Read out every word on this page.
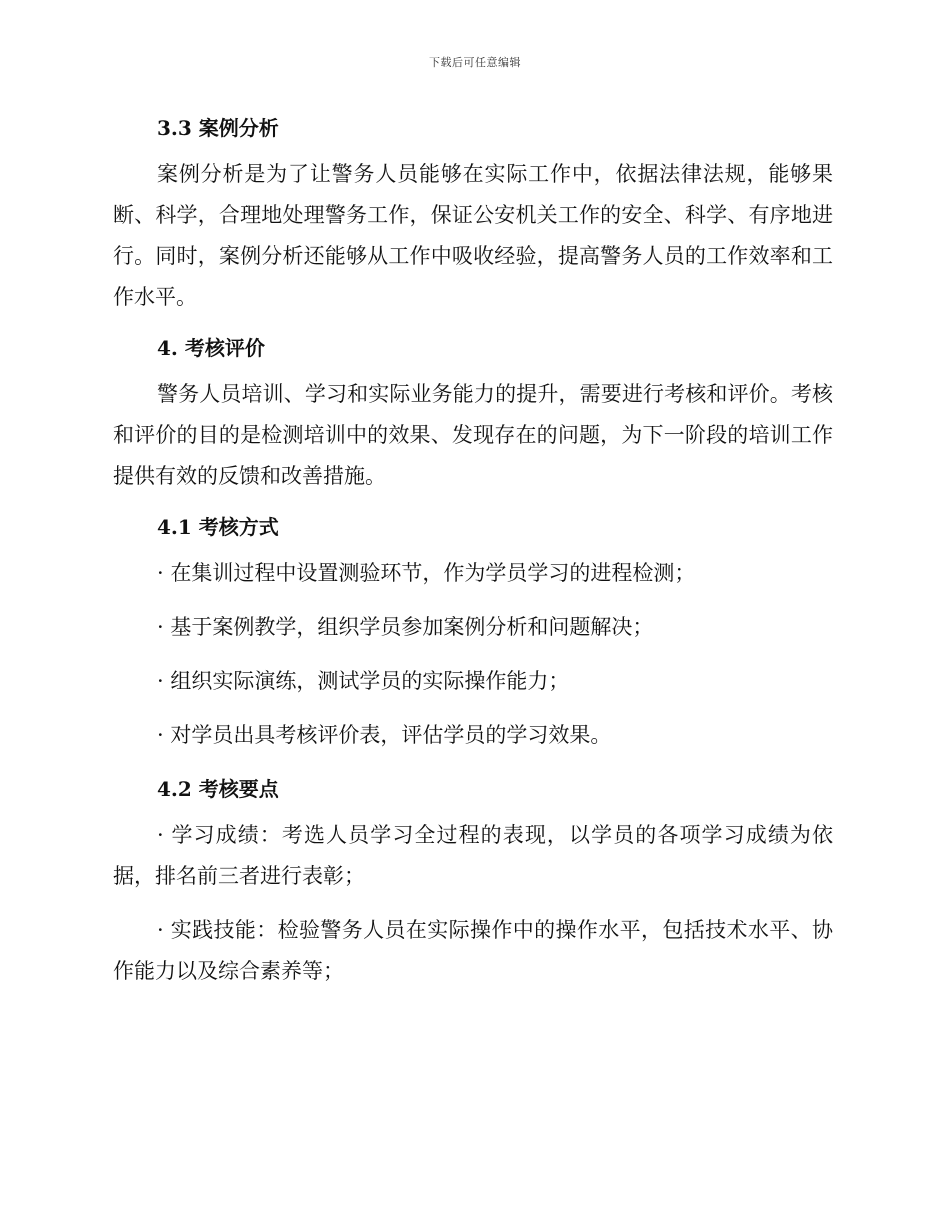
下载后可任意编辑
3.3 案例分析

案例分析是为了让警务人员能够在实际工作中，依据法律法规，能够果断、科学，合理地处理警务工作，保证公安机关工作的安全、科学、有序地进行。同时，案例分析还能够从工作中吸收经验，提高警务人员的工作效率和工作水平。

4. 考核评价

警务人员培训、学习和实际业务能力的提升，需要进行考核和评价。考核和评价的目的是检测培训中的效果、发现存在的问题，为下一阶段的培训工作提供有效的反馈和改善措施。

4.1 考核方式
· 在集训过程中设置测验环节，作为学员学习的进程检测；
· 基于案例教学，组织学员参加案例分析和问题解决；
· 组织实际演练，测试学员的实际操作能力；
· 对学员出具考核评价表，评估学员的学习效果。
4.2 考核要点

· 学习成绩：考选人员学习全过程的表现，以学员的各项学习成绩为依据，排名前三者进行表彰；

· 实践技能：检验警务人员在实际操作中的操作水平，包括技术水平、协作能力以及综合素养等；
